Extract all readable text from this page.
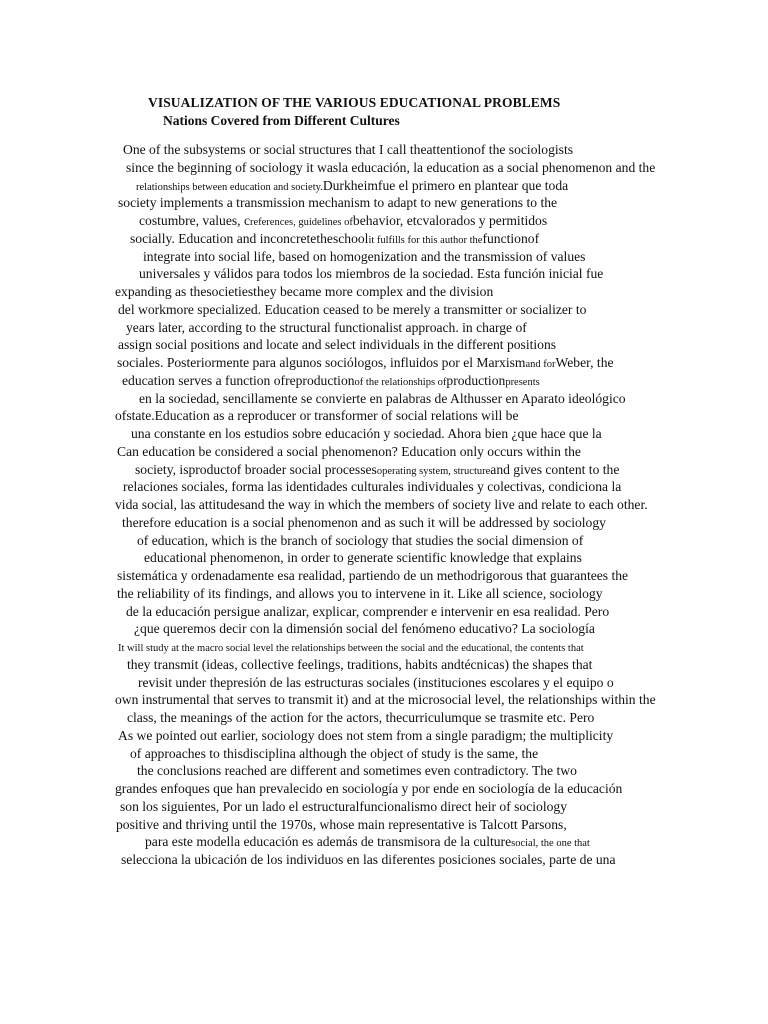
VISUALIZATION OF THE VARIOUS EDUCATIONAL PROBLEMS
Nations Covered from Different Cultures
One of the subsystems or social structures that I call theattentionof the sociologists
since the beginning of sociology it wasla educación, la education as a social phenomenon and the
relationships between education and society.Durkheimfue el primero en plantear que toda
society implements a transmission mechanism to adapt to new generations to the
costumbre, values, creferences, guidelines ofbehavior, etcvalorados y permitidos
socially. Education and inconcretetheschoolit fulfills for this author thefunctionof
integrate into social life, based on homogenization and the transmission of values
universales y válidos para todos los miembros de la sociedad. Esta función inicial fue
expanding as thesocietiesthey became more complex and the division
del workmore specialized. Education ceased to be merely a transmitter or socializer to
years later, according to the structural functionalist approach. in charge of
assign social positions and locate and select individuals in the different positions
sociales. Posteriormente para algunos sociólogos, influidos por el Marxismand forWeber, the
education serves a function ofreproductionof the relationships ofproductionpresents
en la sociedad, sencillamente se convierte en palabras de Althusser en Aparato ideológico
ofstate.Education as a reproducer or transformer of social relations will be
una constante en los estudios sobre educación y sociedad. Ahora bien ¿que hace que la
Can education be considered a social phenomenon? Education only occurs within the
society, isproductof broader social processesoperating system, structureand gives content to the
relaciones sociales, forma las identidades culturales individuales y colectivas, condiciona la
vida social, las attitudesand the way in which the members of society live and relate to each other.
therefore education is a social phenomenon and as such it will be addressed by sociology
of education, which is the branch of sociology that studies the social dimension of
educational phenomenon, in order to generate scientific knowledge that explains
sistemática y ordenadamente esa realidad, partiendo de un methodrigorous that guarantees the
the reliability of its findings, and allows you to intervene in it. Like all science, sociology
de la educación persigue analizar, explicar, comprender e intervenir en esa realidad. Pero
¿que queremos decir con la dimensión social del fenómeno educativo? La sociología
It will study at the macro social level the relationships between the social and the educational, the contents that
they transmit (ideas, collective feelings, traditions, habits andtécnicas) the shapes that
revisit under thepresión de las estructuras sociales (instituciones escolares y el equipo o
own instrumental that serves to transmit it) and at the microsocial level, the relationships within the
class, the meanings of the action for the actors, thecurriculumque se trasmite etc. Pero
As we pointed out earlier, sociology does not stem from a single paradigm; the multiplicity
of approaches to thisdisciplina although the object of study is the same, the
the conclusions reached are different and sometimes even contradictory. The two
grandes enfoques que han prevalecido en sociología y por ende en sociología de la educación
son los siguientes, Por un lado el estructuralfuncionalismo direct heir of sociology
positive and thriving until the 1970s, whose main representative is Talcott Parsons,
para este modella educación es además de transmisora de la culturesocial, the one that
selecciona la ubicación de los individuos en las diferentes posiciones sociales, parte de una
